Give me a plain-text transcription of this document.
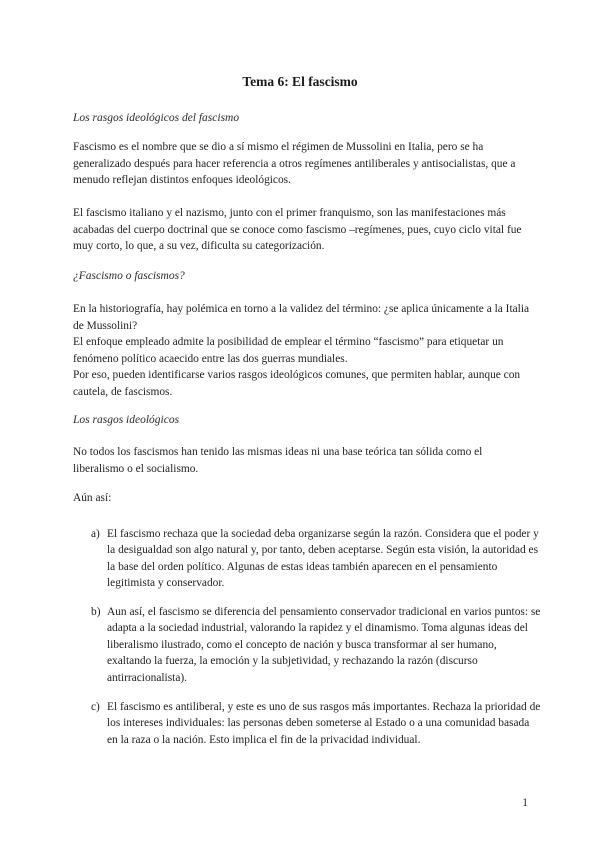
Tema 6: El fascismo

Los rasgos ideológicos del fascismo

Fascismo es el nombre que se dio a sí mismo el régimen de Mussolini en Italia, pero se ha generalizado después para hacer referencia a otros regímenes antiliberales y antisocialistas, que a menudo reflejan distintos enfoques ideológicos.

El fascismo italiano y el nazismo, junto con el primer franquismo, son las manifestaciones más acabadas del cuerpo doctrinal que se conoce como fascismo –regímenes, pues, cuyo ciclo vital fue muy corto, lo que, a su vez, dificulta su categorización.

¿Fascismo o fascismos?

En la historiografía, hay polémica en torno a la validez del término: ¿se aplica únicamente a la Italia de Mussolini?

El enfoque empleado admite la posibilidad de emplear el término “fascismo” para etiquetar un fenómeno político acaecido entre las dos guerras mundiales.

Por eso, pueden identificarse varios rasgos ideológicos comunes, que permiten hablar, aunque con cautela, de fascismos.

Los rasgos ideológicos

No todos los fascismos han tenido las mismas ideas ni una base teórica tan sólida como el liberalismo o el socialismo.

Aún así:

a) El fascismo rechaza que la sociedad deba organizarse según la razón. Considera que el poder y la desigualdad son algo natural y, por tanto, deben aceptarse. Según esta visión, la autoridad es la base del orden político. Algunas de estas ideas también aparecen en el pensamiento legitimista y conservador.
b) Aun así, el fascismo se diferencia del pensamiento conservador tradicional en varios puntos: se adapta a la sociedad industrial, valorando la rapidez y el dinamismo. Toma algunas ideas del liberalismo ilustrado, como el concepto de nación y busca transformar al ser humano, exaltando la fuerza, la emoción y la subjetividad, y rechazando la razón (discurso antirracionalista).
c) El fascismo es antiliberal, y este es uno de sus rasgos más importantes. Rechaza la prioridad de los intereses individuales: las personas deben someterse al Estado o a una comunidad basada en la raza o la nación. Esto implica el fin de la privacidad individual.
1
